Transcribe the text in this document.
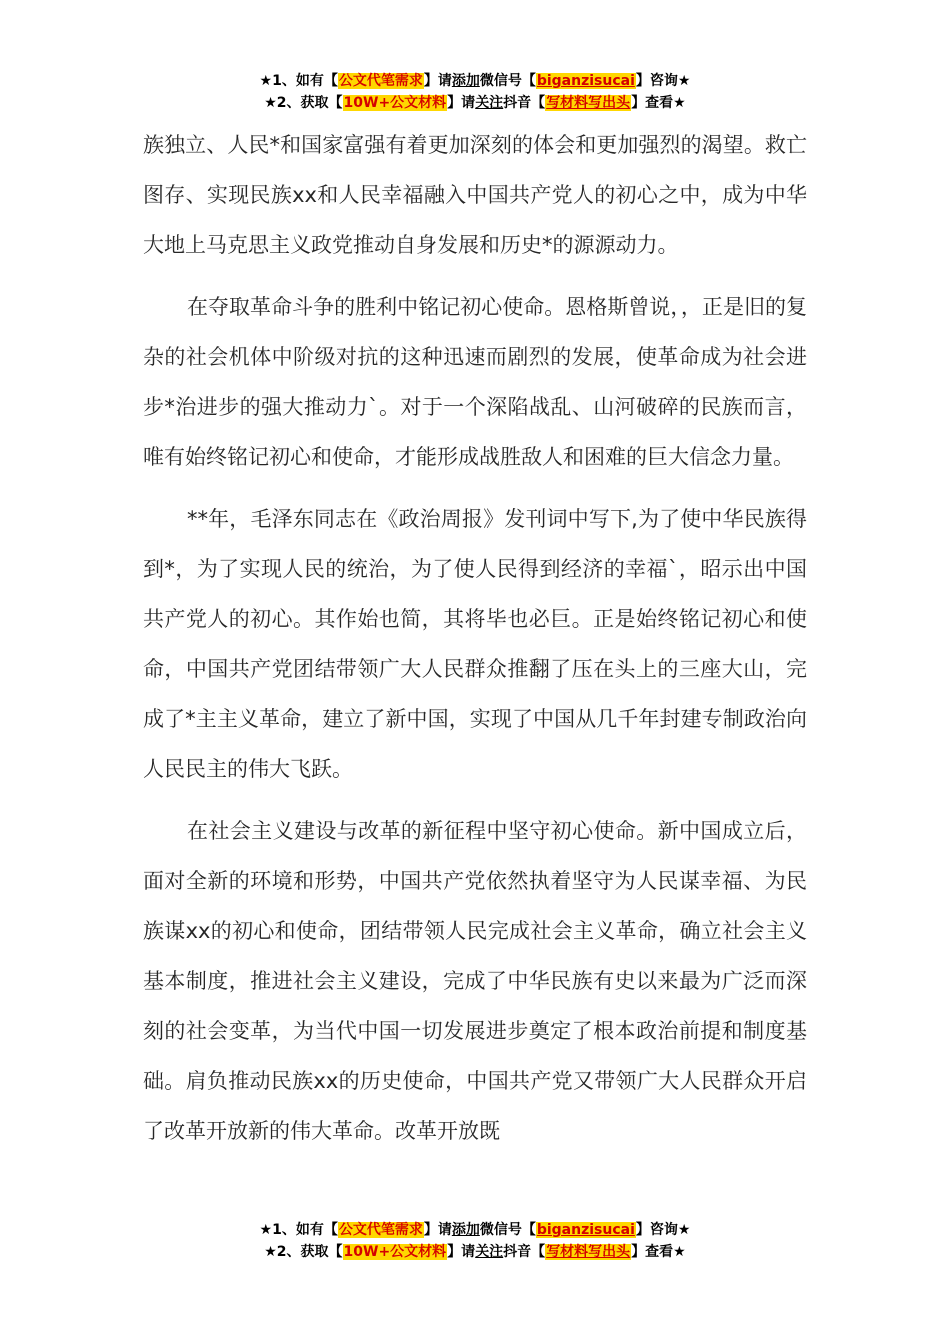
★1、如有【公文代笔需求】请添加微信号【biganzisucai】咨询★
★2、获取【10W+公文材料】请关注抖音【写材料写出头】查看★

族独立、人民*和国家富强有着更加深刻的体会和更加强烈的渴望。救亡图存、实现民族xx和人民幸福融入中国共产党人的初心之中，成为中华大地上马克思主义政党推动自身发展和历史*的源源动力。

在夺取革命斗争的胜利中铭记初心使命。恩格斯曾说，，正是旧的复杂的社会机体中阶级对抗的这种迅速而剧烈的发展，使革命成为社会进步*治进步的强大推动力`。对于一个深陷战乱、山河破碎的民族而言，唯有始终铭记初心和使命，才能形成战胜敌人和困难的巨大信念力量。

**年，毛泽东同志在《政治周报》发刊词中写下,为了使中华民族得到*，为了实现人民的统治，为了使人民得到经济的幸福`，昭示出中国共产党人的初心。其作始也简，其将毕也必巨。正是始终铭记初心和使命，中国共产党团结带领广大人民群众推翻了压在头上的三座大山，完成了*主主义革命，建立了新中国，实现了中国从几千年封建专制政治向人民民主的伟大飞跃。

在社会主义建设与改革的新征程中坚守初心使命。新中国成立后，面对全新的环境和形势，中国共产党依然执着坚守为人民谋幸福、为民族谋xx的初心和使命，团结带领人民完成社会主义革命，确立社会主义基本制度，推进社会主义建设，完成了中华民族有史以来最为广泛而深刻的社会变革，为当代中国一切发展进步奠定了根本政治前提和制度基础。肩负推动民族xx的历史使命，中国共产党又带领广大人民群众开启了改革开放新的伟大革命。改革开放既

★1、如有【公文代笔需求】请添加微信号【biganzisucai】咨询★
★2、获取【10W+公文材料】请关注抖音【写材料写出头】查看★
